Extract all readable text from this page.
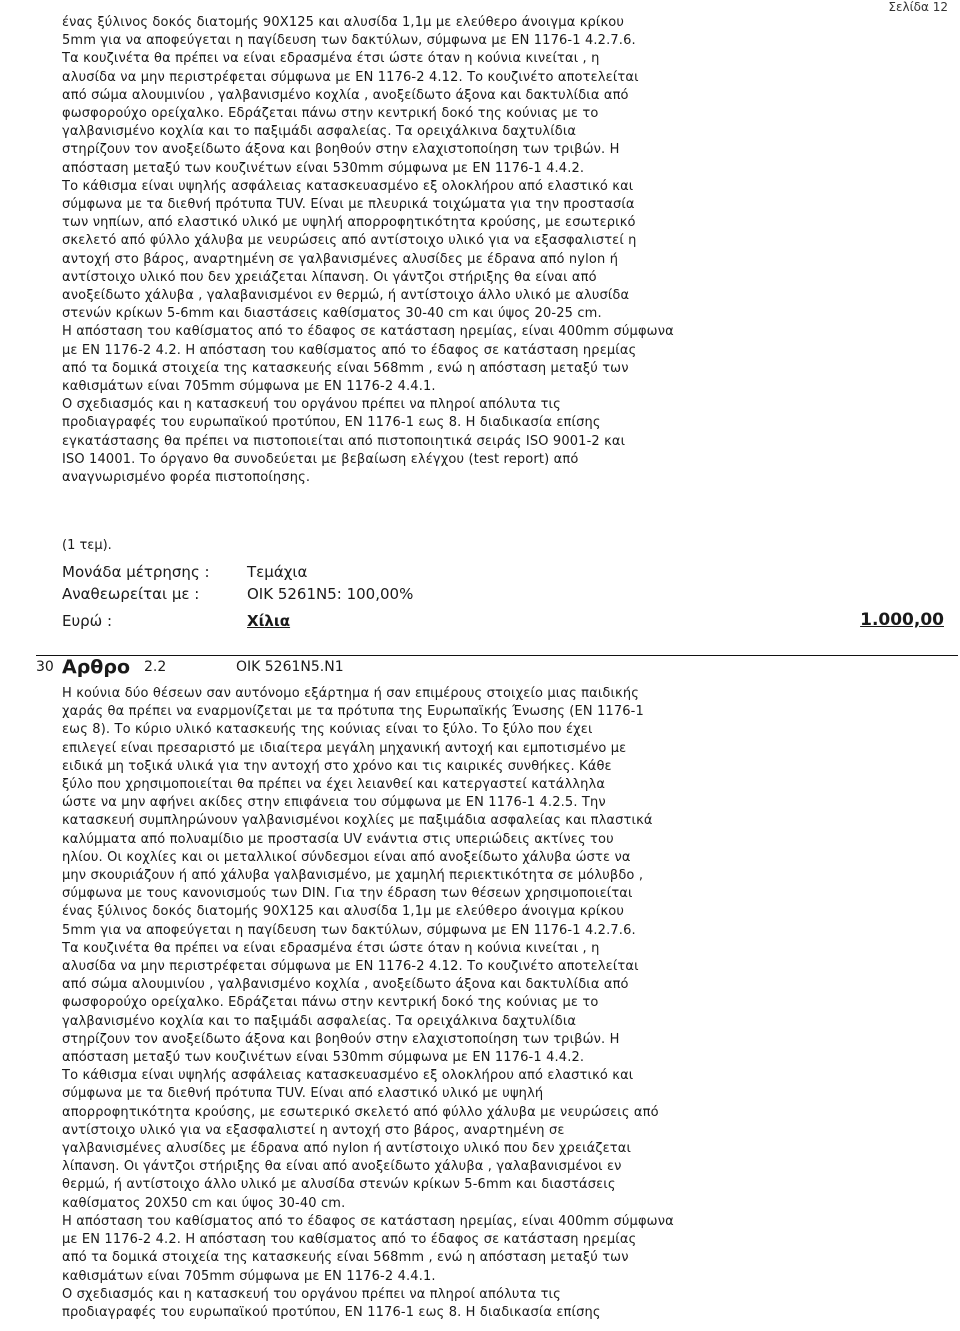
Σελίδα 12
ένας ξύλινος δοκός διατομής 90Χ125 και αλυσίδα 1,1μ με ελεύθερο άνοιγμα κρίκου
5mm για να αποφεύγεται η παγίδευση των δακτύλων, σύμφωνα με EN 1176-1 4.2.7.6.
Τα κουζινέτα θα πρέπει να είναι εδρασμένα έτσι ώστε όταν η κούνια κινείται , η
αλυσίδα να μην περιστρέφεται σύμφωνα με ΕΝ 1176-2 4.12. Το κουζινέτο αποτελείται
από σώμα αλουμινίου , γαλβανισμένο κοχλία , ανοξείδωτο άξονα και δακτυλίδια από
φωσφορούχο ορείχαλκο. Εδράζεται πάνω στην κεντρική δοκό της κούνιας με το
γαλβανισμένο κοχλία και το παξιμάδι ασφαλείας. Τα ορειχάλκινα δαχτυλίδια
στηρίζουν τον ανοξείδωτο άξονα και βοηθούν στην ελαχιστοποίηση των τριβών. Η
απόσταση μεταξύ των κουζινέτων είναι 530mm σύμφωνα με EN 1176-1 4.4.2.
Το κάθισμα είναι υψηλής ασφάλειας κατασκευασμένο εξ ολοκλήρου από ελαστικό και
σύμφωνα με τα διεθνή πρότυπα TUV. Είναι με πλευρικά τοιχώματα για την προστασία
των νηπίων, από ελαστικό υλικό με υψηλή απορροφητικότητα κρούσης, με εσωτερικό
σκελετό από φύλλο χάλυβα με νευρώσεις από αντίστοιχο υλικό για να εξασφαλιστεί η
αντοχή στο βάρος, αναρτημένη σε γαλβανισμένες αλυσίδες με έδρανα από nylon ή
αντίστοιχο υλικό που δεν χρειάζεται λίπανση. Οι γάντζοι στήριξης θα είναι από
ανοξείδωτο χάλυβα , γαλαβανισμένοι εν θερμώ, ή αντίστοιχο άλλο υλικό με αλυσίδα
στενών κρίκων 5-6mm και διαστάσεις καθίσματος 30-40 cm και ύψος 20-25 cm.
Η απόσταση του καθίσματος από το έδαφος σε κατάσταση ηρεμίας, είναι 400mm σύμφωνα
με ΕΝ 1176-2 4.2. Η απόσταση του καθίσματος από το έδαφος σε κατάσταση ηρεμίας
από τα δομικά στοιχεία της κατασκευής είναι 568mm , ενώ η απόσταση μεταξύ των
καθισμάτων είναι 705mm σύμφωνα με ΕΝ 1176-2 4.4.1.
Ο σχεδιασμός και η κατασκευή του οργάνου πρέπει να πληροί απόλυτα τις
προδιαγραφές του ευρωπαϊκού προτύπου, ΕΝ 1176-1 εως 8. Η διαδικασία επίσης
εγκατάστασης θα πρέπει να πιστοποιείται από πιστοποιητικά σειράς ISO 9001-2 και
ISO 14001. Το όργανο θα συνοδεύεται με βεβαίωση ελέγχου (test report) από
αναγνωρισμένο φορέα πιστοποίησης.
(1 τεμ).
Μονάδα μέτρησης : Τεμάχια
Αναθεωρείται με :	ΟΙΚ 5261Ν5: 100,00%
Ευρώ :	Χίλια	1.000,00
30 Αρθρο 2.2	ΟΙΚ 5261Ν5.Ν1
Η κούνια δύο θέσεων σαν αυτόνομο εξάρτημα ή σαν επιμέρους στοιχείο μιας παιδικής
χαράς θα πρέπει να εναρμονίζεται με τα πρότυπα της Ευρωπαϊκής Ένωσης (ΕΝ 1176-1
εως 8). Το κύριο υλικό κατασκευής της κούνιας είναι το ξύλο. Το ξύλο που έχει
επιλεγεί είναι πρεσαριστό με ιδιαίτερα μεγάλη μηχανική αντοχή και εμποτισμένο με
ειδικά μη τοξικά υλικά για την αντοχή στο χρόνο και τις καιρικές συνθήκες. Κάθε
ξύλο που χρησιμοποιείται θα πρέπει να έχει λειανθεί και κατεργαστεί κατάλληλα
ώστε να μην αφήνει ακίδες στην επιφάνεια του σύμφωνα με EN 1176-1 4.2.5. Την
κατασκευή συμπληρώνουν γαλβανισμένοι κοχλίες με παξιμάδια ασφαλείας και πλαστικά
καλύμματα από πολυαμίδιο με προστασία UV ενάντια στις υπεριώδεις ακτίνες του
ηλίου. Οι κοχλίες και οι μεταλλικοί σύνδεσμοι είναι από ανοξείδωτο χάλυβα ώστε να
μην σκουριάζουν ή από χάλυβα γαλβανισμένο, με χαμηλή περιεκτικότητα σε μόλυβδο ,
σύμφωνα με τους κανονισμούς των DIN. Για την έδραση των θέσεων χρησιμοποιείται
ένας ξύλινος δοκός διατομής 90Χ125 και αλυσίδα 1,1μ με ελεύθερο άνοιγμα κρίκου
5mm για να αποφεύγεται η παγίδευση των δακτύλων, σύμφωνα με EN 1176-1 4.2.7.6.
Τα κουζινέτα θα πρέπει να είναι εδρασμένα έτσι ώστε όταν η κούνια κινείται , η
αλυσίδα να μην περιστρέφεται σύμφωνα με ΕΝ 1176-2 4.12. Το κουζινέτο αποτελείται
από σώμα αλουμινίου , γαλβανισμένο κοχλία , ανοξείδωτο άξονα και δακτυλίδια από
φωσφορούχο ορείχαλκο. Εδράζεται πάνω στην κεντρική δοκό της κούνιας με το
γαλβανισμένο κοχλία και το παξιμάδι ασφαλείας. Τα ορειχάλκινα δαχτυλίδια
στηρίζουν τον ανοξείδωτο άξονα και βοηθούν στην ελαχιστοποίηση των τριβών. Η
απόσταση μεταξύ των κουζινέτων είναι 530mm σύμφωνα με EN 1176-1 4.4.2.
Το κάθισμα είναι υψηλής ασφάλειας κατασκευασμένο εξ ολοκλήρου από ελαστικό και
σύμφωνα με τα διεθνή πρότυπα TUV. Είναι από ελαστικό υλικό με υψηλή
απορροφητικότητα κρούσης, με εσωτερικό σκελετό από φύλλο χάλυβα με νευρώσεις από
αντίστοιχο υλικό για να εξασφαλιστεί η αντοχή στο βάρος, αναρτημένη σε
γαλβανισμένες αλυσίδες με έδρανα από nylon ή αντίστοιχο υλικό που δεν χρειάζεται
λίπανση. Οι γάντζοι στήριξης θα είναι από ανοξείδωτο χάλυβα , γαλαβανισμένοι εν
θερμώ, ή αντίστοιχο άλλο υλικό με αλυσίδα στενών κρίκων 5-6mm και διαστάσεις
καθίσματος 20Χ50 cm και ύψος 30-40 cm.
Η απόσταση του καθίσματος από το έδαφος σε κατάσταση ηρεμίας, είναι 400mm σύμφωνα
με ΕΝ 1176-2 4.2. Η απόσταση του καθίσματος από το έδαφος σε κατάσταση ηρεμίας
από τα δομικά στοιχεία της κατασκευής είναι 568mm , ενώ η απόσταση μεταξύ των
καθισμάτων είναι 705mm σύμφωνα με ΕΝ 1176-2 4.4.1.
Ο σχεδιασμός και η κατασκευή του οργάνου πρέπει να πληροί απόλυτα τις
προδιαγραφές του ευρωπαϊκού προτύπου, ΕΝ 1176-1 εως 8. Η διαδικασία επίσης
